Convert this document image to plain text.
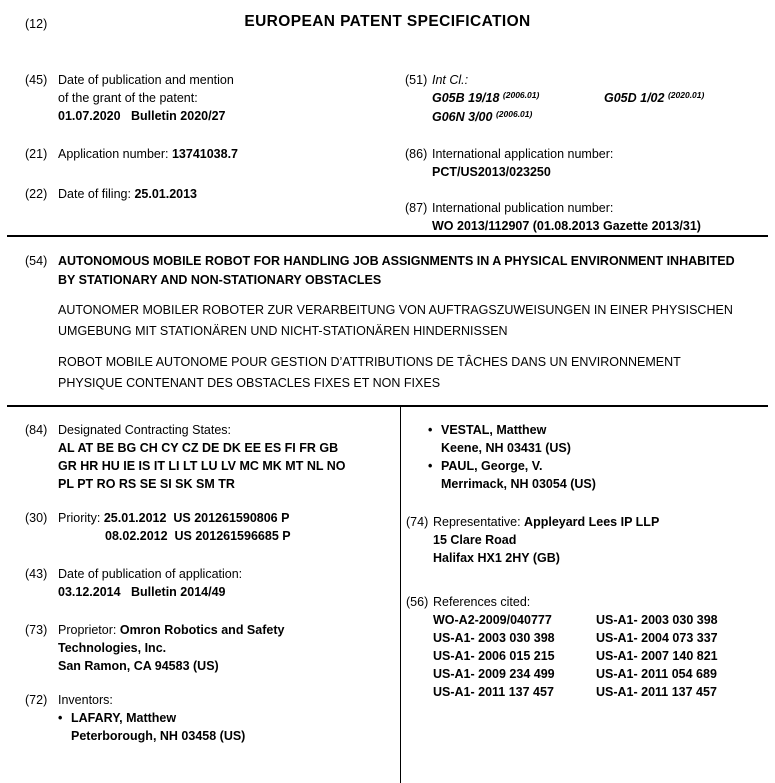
(12)	EUROPEAN PATENT SPECIFICATION
(45) Date of publication and mention
of the grant of the patent:
01.07.2020   Bulletin 2020/27
(21) Application number: 13741038.7
(22) Date of filing: 25.01.2013
(51) Int Cl.:
G05B 19/18 $^{(2006.01)}$	G05D 1/02 $^{(2020.01)}$
G06N 3/00 $^{(2006.01)}$
(86) International application number:
PCT/US2013/023250
(87) International publication number:
WO 2013/112907 (01.08.2013 Gazette 2013/31)
(54) AUTONOMOUS MOBILE ROBOT FOR HANDLING JOB ASSIGNMENTS IN A PHYSICAL ENVIRONMENT INHABITED BY STATIONARY AND NON-STATIONARY OBSTACLES
AUTONOMER MOBILER ROBOTER ZUR VERARBEITUNG VON AUFTRAGSZUWEISUNGEN IN EINER PHYSISCHEN UMGEBUNG MIT STATIONÄREN UND NICHT-STATIONÄREN HINDERNISSEN
ROBOT MOBILE AUTONOME POUR GESTION D’ATTRIBUTIONS DE TÂCHES DANS UN ENVIRONNEMENT PHYSIQUE CONTENANT DES OBSTACLES FIXES ET NON FIXES
(84) Designated Contracting States:
AL AT BE BG CH CY CZ DE DK EE ES FI FR GB
GR HR HU IE IS IT LI LT LU LV MC MK MT NL NO
PL PT RO RS SE SI SK SM TR
(30) Priority: 25.01.2012  US 201261590806 P
08.02.2012  US 201261596685 P
(43) Date of publication of application:
03.12.2014   Bulletin 2014/49
(73) Proprietor: Omron Robotics and Safety
Technologies, Inc.
San Ramon, CA 94583 (US)
(72) Inventors:
• LAFARY, Matthew
Peterborough, NH 03458 (US)
• VESTAL, Matthew
Keene, NH 03431 (US)
• PAUL, George, V.
Merrimack, NH 03054 (US)
(74) Representative: Appleyard Lees IP LLP
15 Clare Road
Halifax HX1 2HY (GB)
(56) References cited:
WO-A2-2009/040777	US-A1- 2003 030 398
US-A1- 2003 030 398	US-A1- 2004 073 337
US-A1- 2006 015 215	US-A1- 2007 140 821
US-A1- 2009 234 499	US-A1- 2011 054 689
US-A1- 2011 137 457	US-A1- 2011 137 457
